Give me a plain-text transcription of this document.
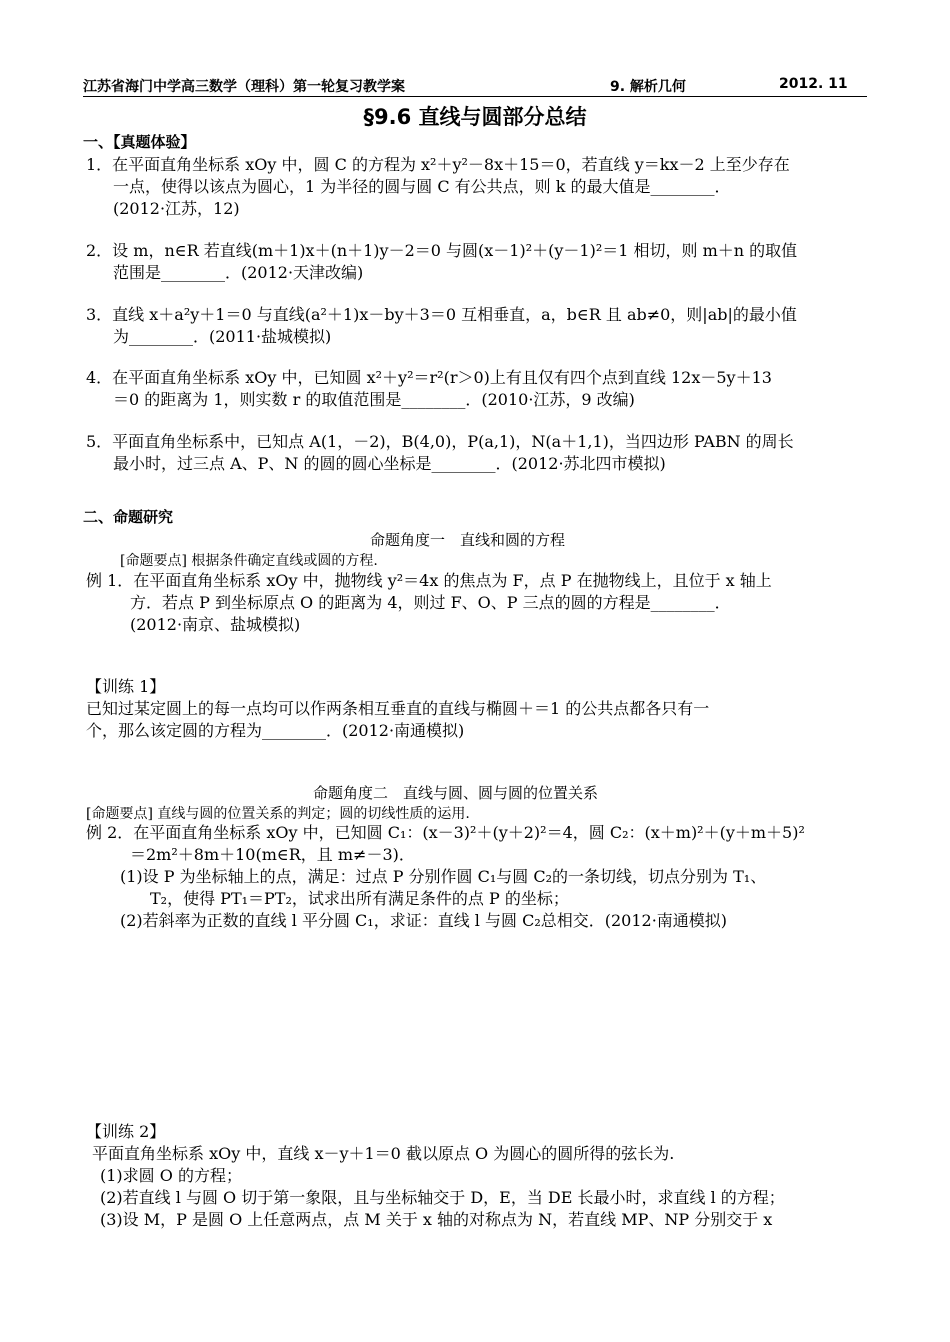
江苏省海门中学高三数学（理科）第一轮复习教学案	9. 解析几何	2012. 11
§9.6 直线与圆部分总结
一、【真题体验】
1．在平面直角坐标系 xOy 中，圆 C 的方程为 x²＋y²－8x＋15＝0，若直线 y＝kx－2 上至少存在
一点，使得以该点为圆心，1 为半径的圆与圆 C 有公共点，则 k 的最大值是________．
(2012·江苏，12)
2．设 m，n∈R 若直线(m＋1)x＋(n＋1)y－2＝0 与圆(x－1)²＋(y－1)²＝1 相切，则 m＋n 的取值
范围是________．(2012·天津改编)
3．直线 x＋a²y＋1＝0 与直线(a²＋1)x－by＋3＝0 互相垂直，a，b∈R 且 ab≠0，则|ab|的最小值
为________．(2011·盐城模拟)
4．在平面直角坐标系 xOy 中，已知圆 x²＋y²＝r²(r＞0)上有且仅有四个点到直线 12x－5y＋13
＝0 的距离为 1，则实数 r 的取值范围是________．(2010·江苏，9 改编)
5．平面直角坐标系中，已知点 A(1，－2)，B(4,0)，P(a,1)，N(a＋1,1)，当四边形 PABN 的周长
最小时，过三点 A、P、N 的圆的圆心坐标是________．(2012·苏北四市模拟)
二、命题研究
命题角度一　直线和圆的方程
[命题要点] 根据条件确定直线或圆的方程.
例 1．在平面直角坐标系 xOy 中，抛物线 y²＝4x 的焦点为 F，点 P 在抛物线上，且位于 x 轴上
方．若点 P 到坐标原点 O 的距离为 4，则过 F、O、P 三点的圆的方程是________．
(2012·南京、盐城模拟)
【训练 1】
已知过某定圆上的每一点均可以作两条相互垂直的直线与椭圆＋＝1 的公共点都各只有一
个，那么该定圆的方程为________．(2012·南通模拟)
命题角度二　直线与圆、圆与圆的位置关系
[命题要点] 直线与圆的位置关系的判定；圆的切线性质的运用.
例 2．在平面直角坐标系 xOy 中，已知圆 C₁：(x－3)²＋(y＋2)²＝4，圆 C₂：(x＋m)²＋(y＋m＋5)²
＝2m²＋8m＋10(m∈R，且 m≠－3)．
(1)设 P 为坐标轴上的点，满足：过点 P 分别作圆 C₁与圆 C₂的一条切线，切点分别为 T₁、
T₂，使得 PT₁＝PT₂，试求出所有满足条件的点 P 的坐标；
(2)若斜率为正数的直线 l 平分圆 C₁，求证：直线 l 与圆 C₂总相交．(2012·南通模拟)
【训练 2】
平面直角坐标系 xOy 中，直线 x－y＋1＝0 截以原点 O 为圆心的圆所得的弦长为.
(1)求圆 O 的方程；
(2)若直线 l 与圆 O 切于第一象限，且与坐标轴交于 D，E，当 DE 长最小时，求直线 l 的方程；
(3)设 M，P 是圆 O 上任意两点，点 M 关于 x 轴的对称点为 N，若直线 MP、NP 分别交于 x
